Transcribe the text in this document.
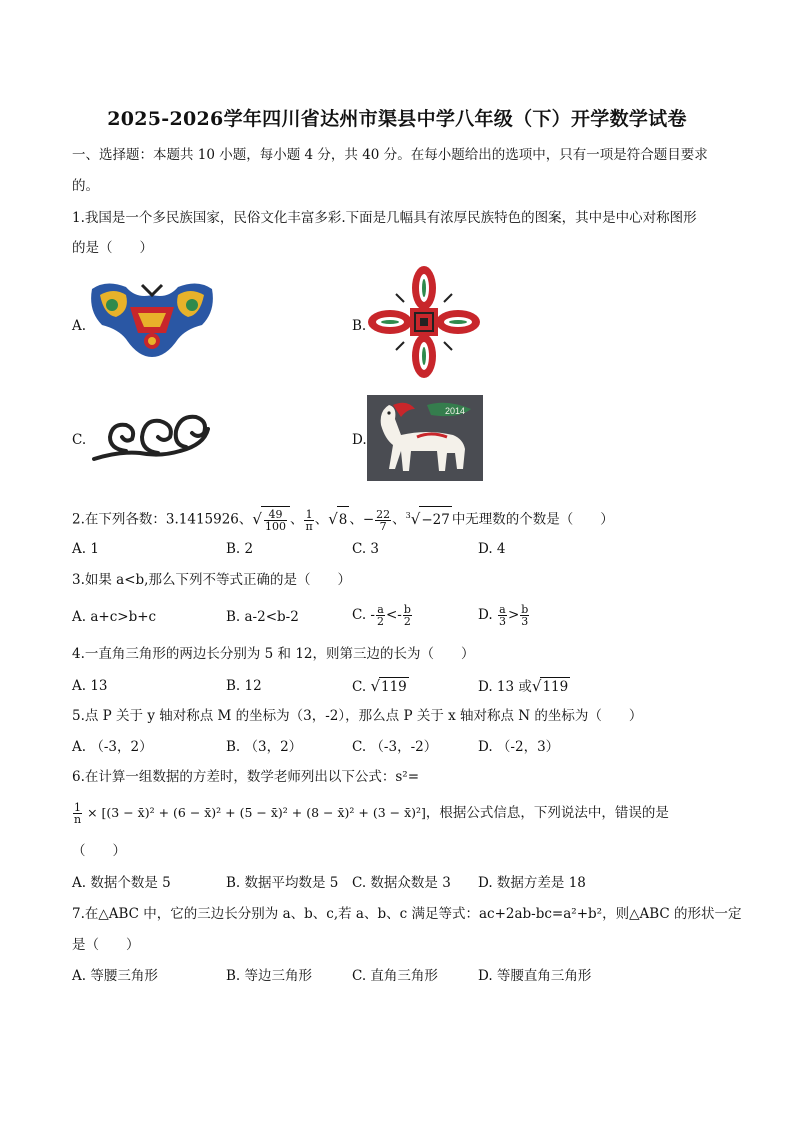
2025-2026学年四川省达州市渠县中学八年级（下）开学数学试卷
一、选择题：本题共 10 小题，每小题 4 分，共 40 分。在每小题给出的选项中，只有一项是符合题目要求
的。
1.我国是一个多民族国家，民俗文化丰富多彩.下面是几幅具有浓厚民族特色的图案，其中是中心对称图形
的是（　　）
A.	B.
C.	D.
2014
2.在下列各数：3.1415926、√ $\frac{49}{100}$ 、 $\frac{1}{\pi}$ 、√8 、− $\frac{22}{7}$ 、$^3$√−27 中无理数的个数是（　　）
A. 1	B. 2	C. 3	D. 4
3.如果 a<b,那么下列不等式正确的是（　　）
A. a+c>b+c	B. a-2<b-2	C. - $\frac{a}{2} <- \frac{b}{2}$	D. $\frac{a}{3} > \frac{b}{3}$
4.一直角三角形的两边长分别为 5 和 12，则第三边的长为（　　）
A. 13	B. 12	C. √119	D. 13 或√119
5.点 P 关于 y 轴对称点 M 的坐标为（3，-2），那么点 P 关于 x 轴对称点 N 的坐标为（　　）
A. （-3，2）	B. （3，2）	C. （-3，-2）	D. （-2，3）
6.在计算一组数据的方差时，数学老师列出以下公式：s²=
$\frac{1}{n} \times [(3$ − x̄)² + (6 − x̄)² + (5 − x̄)² + (8 − x̄)² + (3 − x̄)²]，根据公式信息，下列说法中，错误的是
（　　）
A. 数据个数是 5	B. 数据平均数是 5 C. 数据众数是 3 D. 数据方差是 18
7.在△ABC 中，它的三边长分别为 a、b、c,若 a、b、c 满足等式：ac+2ab-bc=a²+b²，则△ABC 的形状一定
是（　　）
A. 等腰三角形	B. 等边三角形	C. 直角三角形	D. 等腰直角三角形
